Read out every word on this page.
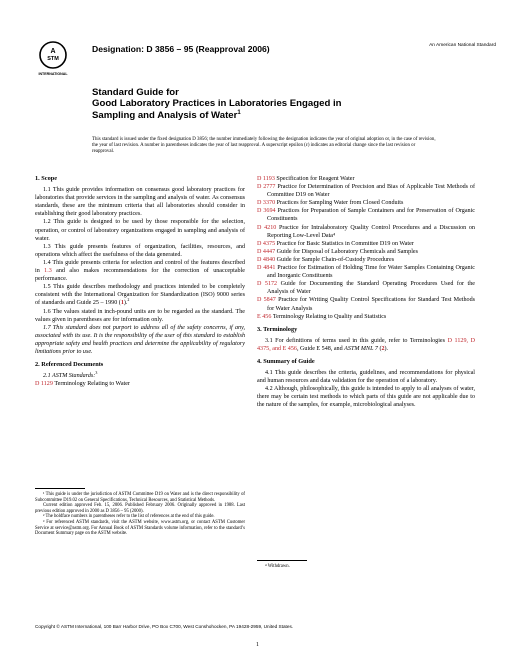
A
STM
INTERNATIONAL
Designation: D 3856 – 95 (Reapproval 2006)	An American National Standard
Standard Guide for
Good Laboratory Practices in Laboratories Engaged in
Sampling and Analysis of Water$^1$
This standard is issued under the fixed designation D 3856; the number immediately following the designation indicates the year of original adoption or, in the case of revision, the year of last revision. A number in parentheses indicates the year of last reapproval. A superscript epsilon (ε) indicates an editorial change since the last revision or reapproval.
1. Scope

1.1 This guide provides information on consensus good laboratory practices for laboratories that provide services in the sampling and analysis of water. As consensus standards, these are the minimum criteria that all laboratories should consider in establishing their good laboratory practices.

1.2 This guide is designed to be used by those responsible for the selection, operation, or control of laboratory organizations engaged in sampling and analysis of water.

1.3 This guide presents features of organization, facilities, resources, and operations which affect the usefulness of the data generated.

1.4 This guide presents criteria for selection and control of the features described in 1.3 and also makes recommendations for the correction of unacceptable performance.

1.5 This guide describes methodology and practices intended to be completely consistent with the International Organization for Standardization (ISO) 9000 series of standards and Guide 25 – 1990 (1).$^2$

1.6 The values stated in inch-pound units are to be regarded as the standard. The values given in parentheses are for information only.

1.7 This standard does not purport to address all of the safety concerns, if any, associated with its use. It is the responsibility of the user of this standard to establish appropriate safety and health practices and determine the applicability of regulatory limitations prior to use.

2. Referenced Documents

2.1 ASTM Standards:$^3$

D 1129 Terminology Relating to Water

D 1193 Specification for Reagent Water

D 2777 Practice for Determination of Precision and Bias of Applicable Test Methods of Committee D19 on Water

D 3370 Practices for Sampling Water from Closed Conduits

D 3694 Practices for Preparation of Sample Containers and for Preservation of Organic Constituents

D 4210 Practice for Intralaboratory Quality Control Procedures and a Discussion on Reporting Low-Level Data⁴

D 4375 Practice for Basic Statistics in Committee D19 on Water

D 4447 Guide for Disposal of Laboratory Chemicals and Samples

D 4840 Guide for Sample Chain-of-Custody Procedures

D 4841 Practice for Estimation of Holding Time for Water Samples Containing Organic and Inorganic Constituents

D 5172 Guide for Documenting the Standard Operating Procedures Used for the Analysis of Water

D 5847 Practice for Writing Quality Control Specifications for Standard Test Methods for Water Analysis

E 456 Terminology Relating to Quality and Statistics

3. Terminology

3.1 For definitions of terms used in this guide, refer to Terminologies D 1129, D 4375, and E 456, Guide E 548, and ASTM MNL 7 (2).

4. Summary of Guide

4.1 This guide describes the criteria, guidelines, and recommendations for physical and human resources and data validation for the operation of a laboratory.

4.2 Although, philosophically, this guide is intended to apply to all analyses of water, there may be certain test methods to which parts of this guide are not applicable due to the nature of the samples, for example, microbiological analyses.

¹ This guide is under the jurisdiction of ASTM Committee D19 on Water and is the direct responsibility of Subcommittee D19.02 on General Specifications, Technical Resources, and Statistical Methods.

Current edition approved Feb. 15, 2006. Published February 2006. Originally approved in 1988. Last previous edition approved in 2000 as D 3856 – 95 (2000).

² The boldface numbers in parentheses refer to the list of references at the end of this guide.

³ For referenced ASTM standards, visit the ASTM website, www.astm.org, or contact ASTM Customer Service at service@astm.org. For Annual Book of ASTM Standards volume information, refer to the standard’s Document Summary page on the ASTM website.

⁴ Withdrawn.

Copyright © ASTM International, 100 Barr Harbor Drive, PO Box C700, West Conshohocken, PA 19428-2959, United States.
1
